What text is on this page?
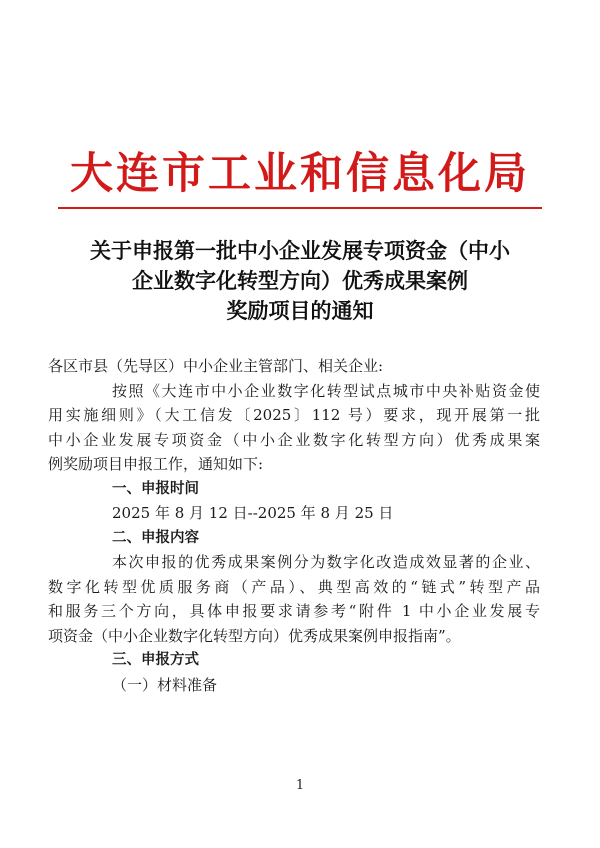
大连市工业和信息化局
关于申报第一批中小企业发展专项资金（中小
企业数字化转型方向）优秀成果案例
奖励项目的通知
各区市县（先导区）中小企业主管部门、相关企业:
按照《大连市中小企业数字化转型试点城市中央补贴资金使
用实施细则》（大工信发〔2025〕112 号）要求，现开展第一批
中小企业发展专项资金（中小企业数字化转型方向）优秀成果案
例奖励项目申报工作，通知如下:
一、申报时间
2025 年 8 月 12 日--2025 年 8 月 25 日
二、申报内容
本次申报的优秀成果案例分为数字化改造成效显著的企业、
数字化转型优质服务商（产品）、典型高效的“链式”转型产品
和服务三个方向，具体申报要求请参考“附件 1 中小企业发展专
项资金（中小企业数字化转型方向）优秀成果案例申报指南”。
三、申报方式
（一）材料准备
1
